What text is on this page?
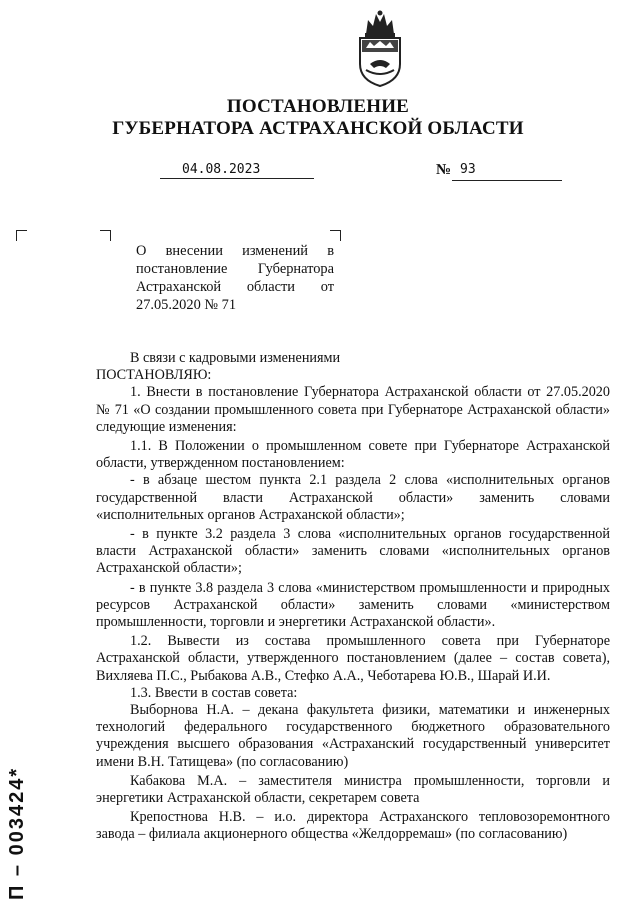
ПОСТАНОВЛЕНИЕ
ГУБЕРНАТОРА АСТРАХАНСКОЙ ОБЛАСТИ
04.08.2023	№ 93
О внесении изменений в
постановление Губернатора
Астраханской области от
27.05.2020 № 71
В связи с кадровыми изменениями
ПОСТАНОВЛЯЮ:
1. Внести в постановление Губернатора Астраханской области от 27.05.2020
№ 71 «О создании промышленного совета при Губернаторе Астраханской области»
следующие изменения:
1.1. В Положении о промышленном совете при Губернаторе Астраханской
области, утвержденном постановлением:
- в абзаце шестом пункта 2.1 раздела 2 слова «исполнительных органов
государственной власти Астраханской области» заменить словами
«исполнительных органов Астраханской области»;
- в пункте 3.2 раздела 3 слова «исполнительных органов государственной
власти Астраханской области» заменить словами «исполнительных органов
Астраханской области»;
- в пункте 3.8 раздела 3 слова «министерством промышленности и природных
ресурсов Астраханской области» заменить словами «министерством
промышленности, торговли и энергетики Астраханской области».
1.2. Вывести из состава промышленного совета при Губернаторе
Астраханской области, утвержденного постановлением (далее – состав совета),
Вихляева П.С., Рыбакова А.В., Стефко А.А., Чеботарева Ю.В., Шарай И.И.
1.3. Ввести в состав совета:
Выборнова Н.А. – декана факультета физики, математики и инженерных
технологий федерального государственного бюджетного образовательного
учреждения высшего образования «Астраханский государственный университет
имени В.Н. Татищева» (по согласованию)
Кабакова М.А. – заместителя министра промышленности, торговли и
энергетики Астраханской области, секретарем совета
Крепостнова Н.В. – и.о. директора Астраханского тепловозоремонтного
завода – филиала акционерного общества «Желдорремаш» (по согласованию)
П – 003424*
